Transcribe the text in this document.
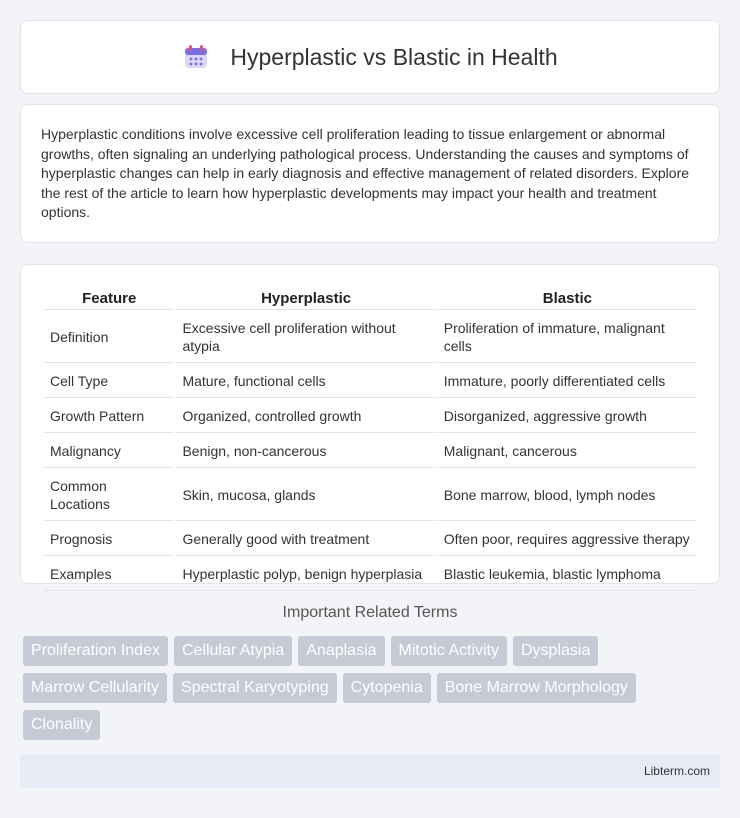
Hyperplastic vs Blastic in Health

Hyperplastic conditions involve excessive cell proliferation leading to tissue enlargement or abnormal growths, often signaling an underlying pathological process. Understanding the causes and symptoms of hyperplastic changes can help in early diagnosis and effective management of related disorders. Explore the rest of the article to learn how hyperplastic developments may impact your health and treatment options.

Feature	Hyperplastic	Blastic
Definition	Excessive cell proliferation without atypia	Proliferation of immature, malignant cells
Cell Type	Mature, functional cells	Immature, poorly differentiated cells
Growth Pattern	Organized, controlled growth	Disorganized, aggressive growth
Malignancy	Benign, non-cancerous	Malignant, cancerous
Common Locations	Skin, mucosa, glands	Bone marrow, blood, lymph nodes
Prognosis	Generally good with treatment	Often poor, requires aggressive therapy
Examples	Hyperplastic polyp, benign hyperplasia	Blastic leukemia, blastic lymphoma
Important Related Terms
Proliferation Index	Cellular Atypia	Anaplasia	Mitotic Activity	Dysplasia
Marrow Cellularity	Spectral Karyotyping	Cytopenia	Bone Marrow Morphology
Clonality
Libterm.com
